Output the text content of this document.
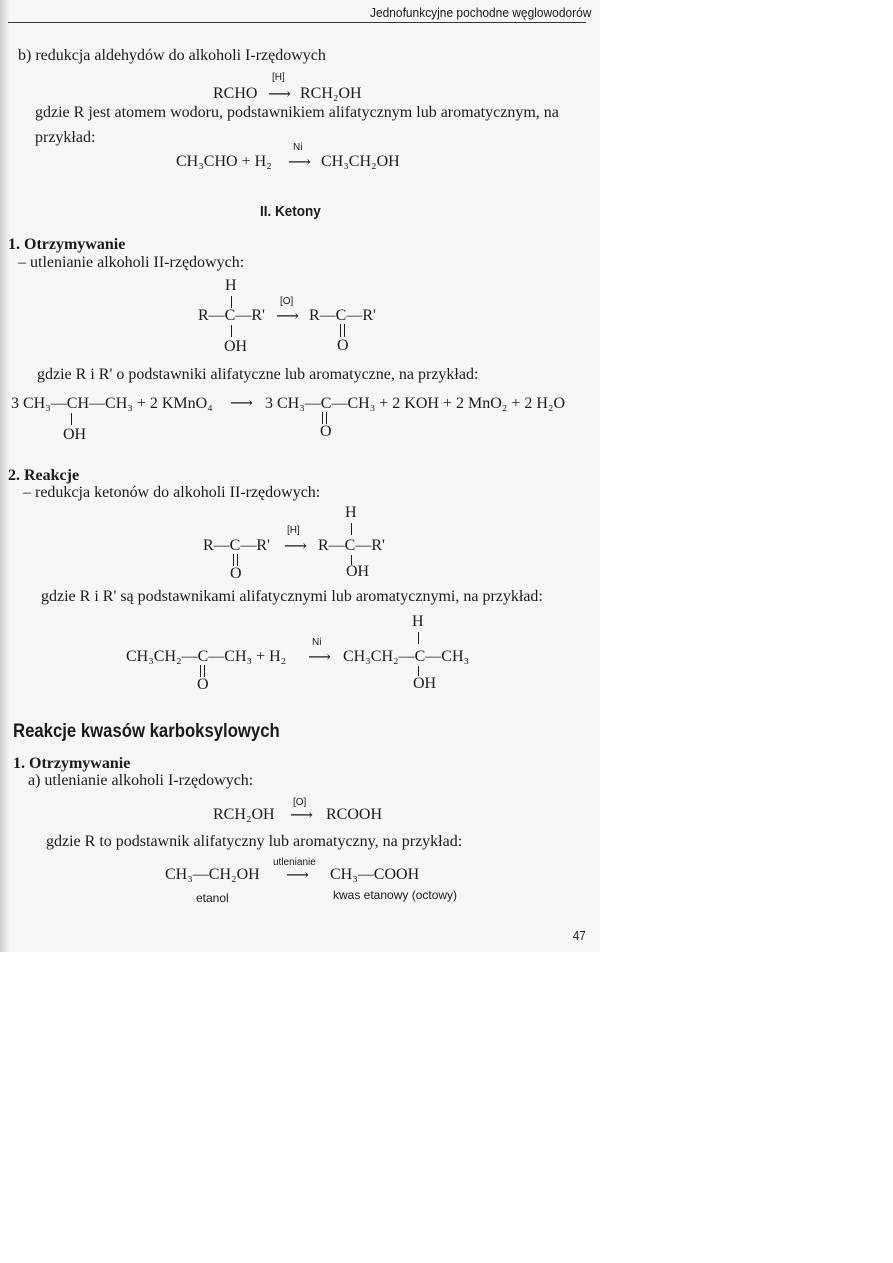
Jednofunkcyjne pochodne węglowodorów
b) redukcja aldehydów do alkoholi I-rzędowych
RCHO
[H]
⟶ RCH₂OH
gdzie R jest atomem wodoru, podstawnikiem alifatycznym lub aromatycznym, na
przykład:
CH₃CHO + H₂
Ni
⟶ CH₃CH₂OH
II. Ketony
1. Otrzymywanie
– utlenianie alkoholi II-rzędowych:
H
R—C—R'
OH
[O]
⟶ R—C—R'
O
gdzie R i R' o podstawniki alifatyczne lub aromatyczne, na przykład:
3 CH₃—CH—CH₃ + 2 KMnO₄
OH
⟶ 3 CH₃—C—CH₃ + 2 KOH + 2 MnO₂ + 2 H₂O
O
2. Reakcje
– redukcja ketonów do alkoholi II-rzędowych:
R—C—R'
O
[H]
⟶
H
R—C—R'
OH
gdzie R i R' są podstawnikami alifatycznymi lub aromatycznymi, na przykład:
H
CH₃CH₂—C—CH₃ + H₂
O
Ni
⟶ CH₃CH₂—C—CH₃
OH
Reakcje kwasów karboksylowych
1. Otrzymywanie
a) utlenianie alkoholi I-rzędowych:
RCH₂OH
[O]
⟶ RCOOH
gdzie R to podstawnik alifatyczny lub aromatyczny, na przykład:
CH₃—CH₂OH
utlenianie
⟶ CH₃—COOH
etanol	kwas etanowy (octowy)
47
